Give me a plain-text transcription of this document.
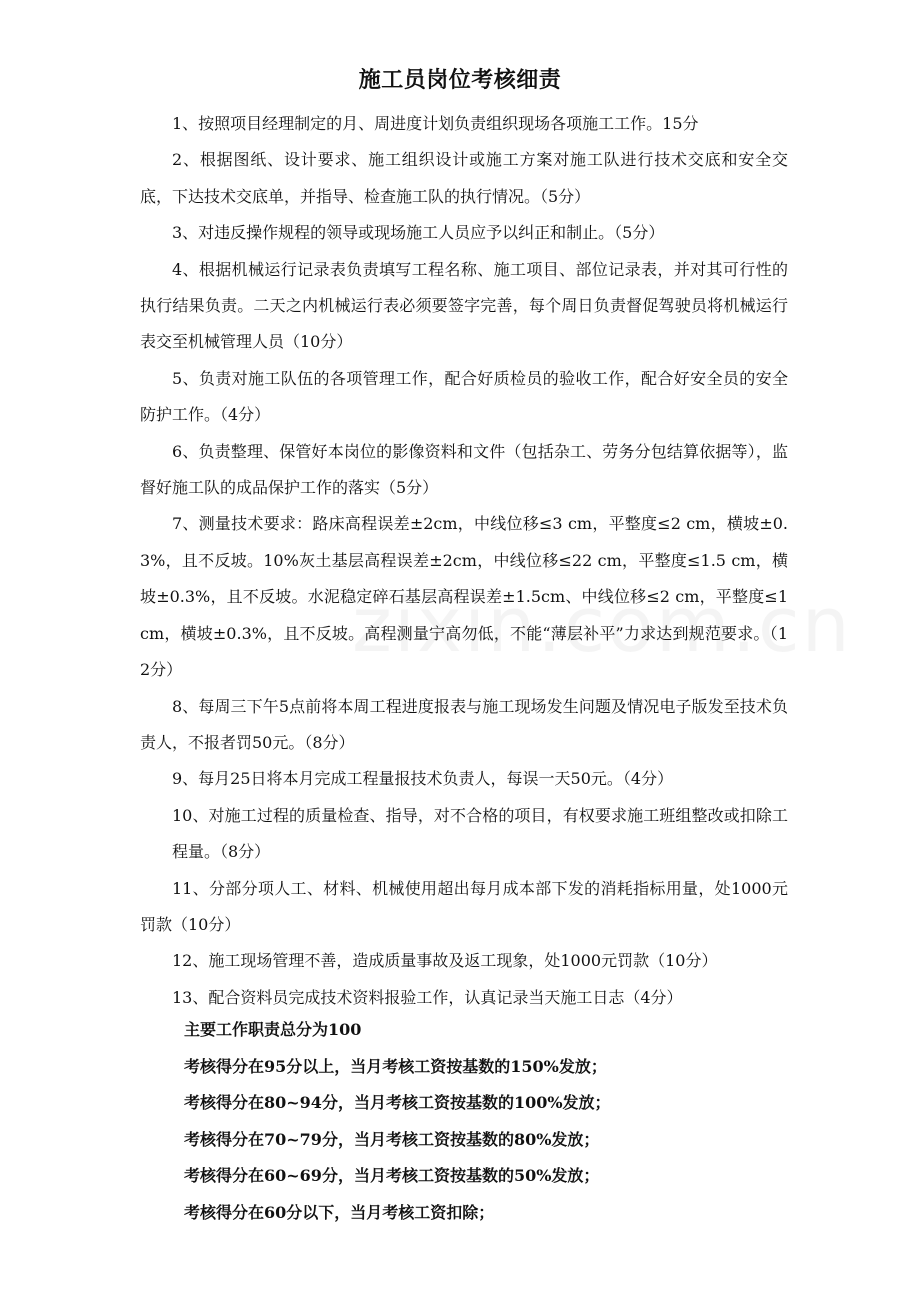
施工员岗位考核细责
1、按照项目经理制定的月、周进度计划负责组织现场各项施工工作。15分
2、根据图纸、设计要求、施工组织设计或施工方案对施工队进行技术交底和安全交底，下达技术交底单，并指导、检查施工队的执行情况。（5分）
3、对违反操作规程的领导或现场施工人员应予以纠正和制止。（5分）
4、根据机械运行记录表负责填写工程名称、施工项目、部位记录表，并对其可行性的执行结果负责。二天之内机械运行表必须要签字完善，每个周日负责督促驾驶员将机械运行表交至机械管理人员（10分）
5、负责对施工队伍的各项管理工作，配合好质检员的验收工作，配合好安全员的安全防护工作。（4分）
6、负责整理、保管好本岗位的影像资料和文件（包括杂工、劳务分包结算依据等），监督好施工队的成品保护工作的落实（5分）
7、测量技术要求：路床高程误差±2cm，中线位移≤3 cm，平整度≤2 cm，横坡±0.3%，且不反坡。10%灰土基层高程误差±2cm，中线位移≤22 cm，平整度≤1.5 cm，横坡±0.3%，且不反坡。水泥稳定碎石基层高程误差±1.5cm、中线位移≤2 cm，平整度≤1 cm，横坡±0.3%，且不反坡。高程测量宁高勿低，不能“薄层补平”力求达到规范要求。（12分）
8、每周三下午5点前将本周工程进度报表与施工现场发生问题及情况电子版发至技术负责人，不报者罚50元。（8分）
9、每月25日将本月完成工程量报技术负责人，每误一天50元。（4分）
10、对施工过程的质量检查、指导，对不合格的项目，有权要求施工班组整改或扣除工程量。（8分）
11、分部分项人工、材料、机械使用超出每月成本部下发的消耗指标用量，处1000元罚款（10分）
12、施工现场管理不善，造成质量事故及返工现象，处1000元罚款（10分）
13、配合资料员完成技术资料报验工作，认真记录当天施工日志（4分）
主要工作职责总分为100
考核得分在95分以上，当月考核工资按基数的150%发放；
考核得分在80~94分，当月考核工资按基数的100%发放；
考核得分在70~79分，当月考核工资按基数的80%发放；
考核得分在60~69分，当月考核工资按基数的50%发放；
考核得分在60分以下，当月考核工资扣除；
